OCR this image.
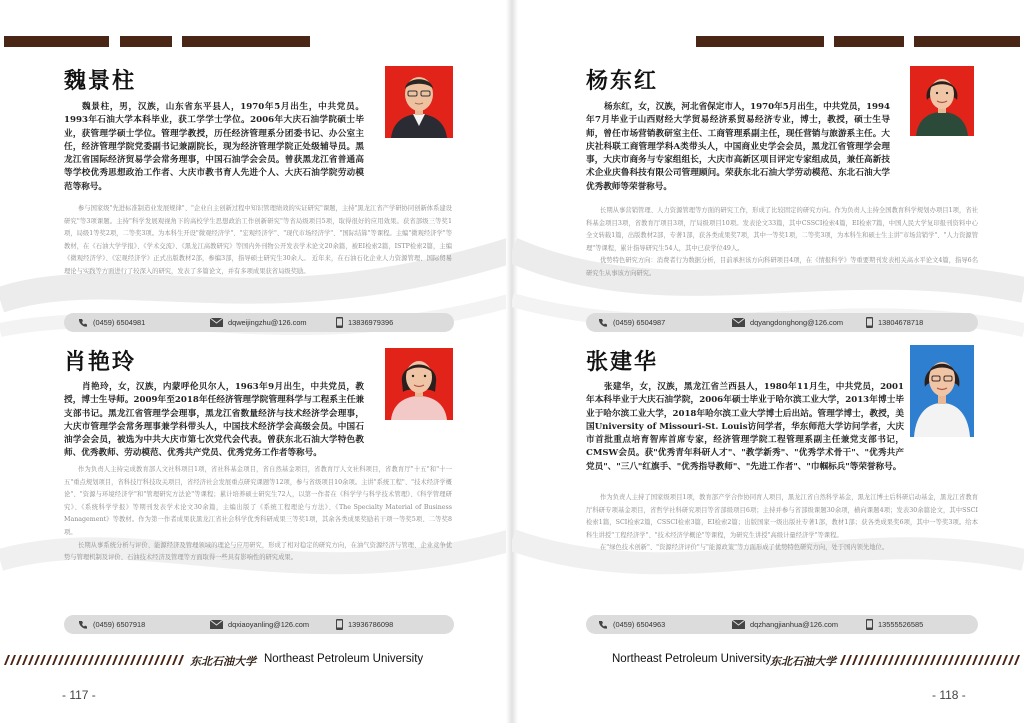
魏景柱
魏景柱，男，汉族，山东省东平县人，1970年5月出生，中共党员。1993年石油大学本科毕业，获工学学士学位。2006年大庆石油学院硕士毕业，获管理学硕士学位。管理学教授，历任经济管理系分团委书记、办公室主任，经济管理学院党委副书记兼副院长，现为经济管理学院正处级辅导员。黑龙江省国际经济贸易学会常务理事，中国石油学会会员。曾获黑龙江省普通高等学校优秀思想政治工作者、大庆市教书育人先进个人、大庆石油学院劳动模范等称号。

参与国家级"先进标准制造业发展规律"、"企业自主创新过程中知识管理绩效的实证研究"课题，主持"黑龙江省产学研协同创新体系建设研究"等3项课题。主持"科学发展观视角下的高校学生思想政治工作创新研究"等省局级项目5项，取得很好的应用效果。获省部级三等奖1项，局级1等奖2项，二等奖3项。为本科生开设"微观经济学"、"宏观经济学"、"现代市场经济学"、"国际结算"等课程。主编"微观经济学"等教材，在《石油大学学报》、《学术交流》、《黑龙江高教研究》等国内外刊物公开发表学术论文20余篇，被EI检索2篇，ISTP检索2篇，主编《微观经济学》、《宏观经济学》正式出版教材2部，参编3部，指导硕士研究生30余人。 近年来，在石油石化企业人力资源管理、国际贸易理论与实践等方面进行了较深入的研究，发表了多篇论文，并有多项成果获省局级奖励。

(0459) 6504981	dqweijingzhu@126.com	13836979396
肖艳玲
肖艳玲，女，汉族，内蒙呼伦贝尔人，1963年9月出生，中共党员，教授，博士生导师。2009年至2018年任经济管理学院管理科学与工程系主任兼支部书记。黑龙江省管理学会理事，黑龙江省数量经济与技术经济学会理事，大庆市管理学会常务理事兼学科带头人，中国技术经济学会高级会员。中国石油学会会员，被选为中共大庆市第七次党代会代表。曾获东北石油大学特色教师、优秀教师、劳动模范、优秀共产党员、优秀党务工作者等称号。

作为负责人主持完成教育部人文社科项目1项，省社科基金项目，省自然基金项目，省教育厅人文社科项目，省教育厅"十五"和"十一五"重点规划项目，省科技厅科技攻关项目，省经济社会发展重点研究课题等12项，参与省级项目10余项。主讲"系统工程"、"技术经济学概论"、"资源与环境经济学"和"管理研究方法论"等课程；累计培养硕士研究生72人，以第一作者在《科学学与科学技术管理》、《科学管理研究》、《系统科学学报》等期刊发表学术论文30余篇，主编出版了《系统工程理论与方法》、《The Specialty Material of Business Management》等教材。作为第一作者成果获黑龙江省社会科学优秀科研成果三等奖1项，其余各类成果奖励若干项一等奖5项、二等奖8项。

长期从事系统分析与评价、能源经济及管理领域的理论与应用研究，形成了相对稳定的研究方向，在油气资源经济与管理、企业竞争优势与管理机制及评价、石油技术经济及管理等方面取得一些具有影响性的研究成果。

(0459) 6507918	dqxiaoyanling@126.com	13936786098
东北石油大学 Northeast Petroleum University
- 117 -
杨东红
杨东红，女，汉族，河北省保定市人，1970年5月出生，中共党员，1994年7月毕业于山西财经大学贸易经济系贸易经济专业，博士，教授，硕士生导师，曾任市场营销教研室主任、工商管理系副主任，现任营销与旅游系主任。大庆社科联工商管理学科A类带头人，中国商业史学会会员，黑龙江省管理学会理事，大庆市商务与专家组组长，大庆市高新区项目评定专家组成员，兼任高新技术企业庆鲁科技有限公司管理顾问。荣获东北石油大学劳动模范、东北石油大学优秀教师等荣誉称号。

长期从事营销管理、人力资源管理等方面的研究工作，形成了比较固定的研究方向。作为负责人主持全国教育科学规划办项目1项，省社科基金项目3项，省教育厅项目3项，厅局级项目10项。发表论文33篇，其中CSSCI检索4篇，EI检索7篇，中国人民大学复印报刊资料中心全文转载1篇，出版教材2部，专著1部，获各类成果奖7项，其中一等奖1项，二等奖3项，为本科生和硕士生主讲"市场营销学"、"人力资源管理"等课程，累计指导研究生54人，其中已获学位49人。

优势特色研究方向：消费者行为数据分析，目前承担该方向科研项目4项，在《情报科学》等重要期刊发表相关高水平论文4篇，指导6名研究生从事该方向研究。

(0459) 6504987	dqyangdonghong@126.com	13804678718
张建华
张建华，女，汉族，黑龙江省兰西县人，1980年11月生，中共党员，2001年本科毕业于大庆石油学院，2006年硕士毕业于哈尔滨工业大学，2013年博士毕业于哈尔滨工业大学，2018年哈尔滨工业大学博士后出站。管理学博士，教授，美国University of Missouri-St. Louis访问学者，华东师范大学访问学者，大庆市首批重点培育智库首席专家，经济管理学院工程管理系副主任兼党支部书记，CMSW会员。获"优秀青年科研人才"、"教学新秀"、"优秀学术骨干"、"优秀共产党员"、"三八"红旗手、"优秀指导教师"、"先进工作者"、"巾帼标兵"等荣誉称号。

作为负责人主持了国家级项目1项，教育部产学合作协同育人项目，黑龙江省自然科学基金，黑龙江博士后科研启动基金，黑龙江省教育厅科研专项基金项目，省哲学社科研究项目等省部级项目6项；主持并参与省部级课题30余项，横向课题4项；发表30余篇论文，其中SSCI检索1篇，SCI检索2篇，CSSCI检索3篇，EI检索2篇；出版国家一级出版社专著1部，教材1部；获各类成果奖6项，其中一等奖3项。给本科生讲授"工程经济学"、"技术经济学概论"等课程，为研究生讲授"高级计量经济学"等课程。

在"绿色技术创新"、"资源经济评价"与"能源政策"等方面形成了优势特色研究方向，处于国内领先地位。

(0459) 6504963	dqzhangjianhua@126.com	13555526585
Northeast Petroleum University
东北石油大学
- 118 -
